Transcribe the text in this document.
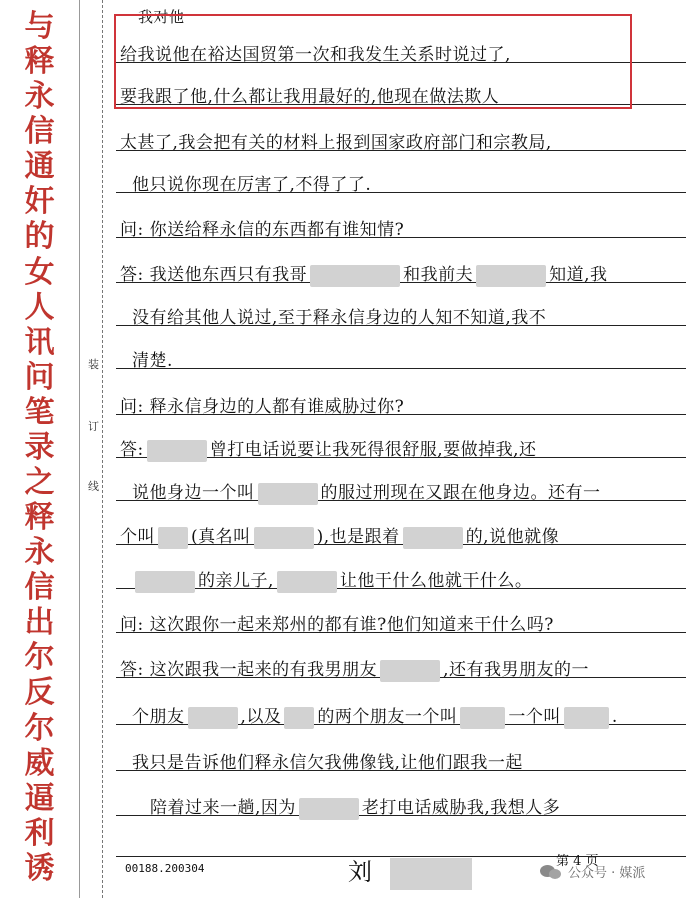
与
释
永
信
通
奸
的
女
人
讯
问
笔
录
之
释
永
信
出
尔
反
尔
威
逼
利
诱
装
订
线
我对他
给我说他在裕达国贸第一次和我发生关系时说过了,
要我跟了他,什么都让我用最好的,他现在做法欺人
太甚了,我会把有关的材料上报到国家政府部门和宗教局,
他只说你现在厉害了,不得了了.
问: 你送给释永信的东西都有谁知情?
答: 我送他东西只有我哥	和我前夫	知道,我
没有给其他人说过,至于释永信身边的人知不知道,我不
清楚.
问: 释永信身边的人都有谁威胁过你?
答:	曾打电话说要让我死得很舒服,要做掉我,还
说他身边一个叫	的服过刑现在又跟在他身边。还有一
个叫 (真名叫	),也是跟着	的,说他就像
的亲儿子,	让他干什么他就干什么。
问: 这次跟你一起来郑州的都有谁?他们知道来干什么吗?
答: 这次跟我一起来的有我男朋友	,还有我男朋友的一
个朋友	,以及 的两个朋友一个叫	一个叫	.
我只是告诉他们释永信欠我佛像钱,让他们跟我一起
陪着过来一趟,因为	老打电话威胁我,我想人多
00188.200304	刘	第 4 页
公众号 · 媒派
